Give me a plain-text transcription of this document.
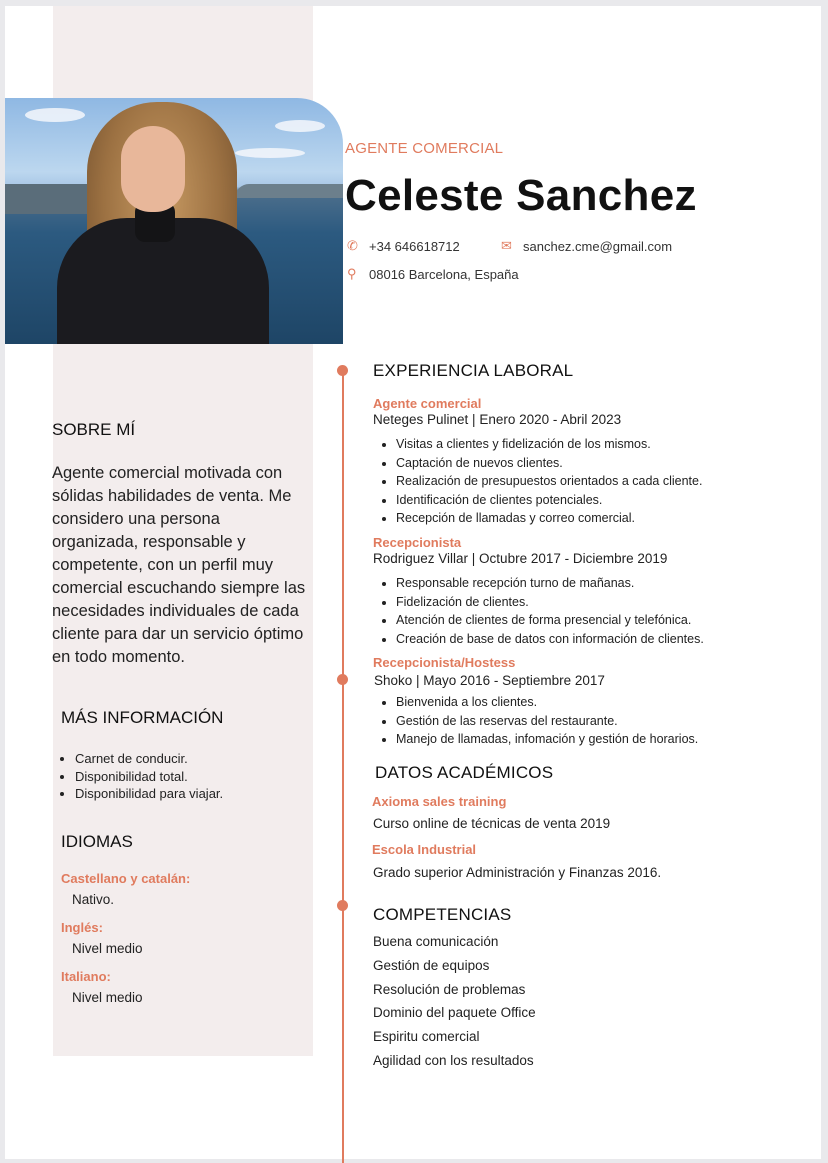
AGENTE COMERCIAL
Celeste Sanchez
✆ +34 646618712	✉ sanchez.cme@gmail.com
⚲ 08016 Barcelona, España
EXPERIENCIA LABORAL
Agente comercial
Neteges Pulinet | Enero 2020 - Abril 2023
• Visitas a clientes y fidelización de los mismos.
• Captación de nuevos clientes.
• Realización de presupuestos orientados a cada cliente.
• Identificación de clientes potenciales.
• Recepción de llamadas y correo comercial.
Recepcionista
Rodriguez Villar | Octubre 2017 - Diciembre 2019
• Responsable recepción turno de mañanas.
• Fidelización de clientes.
• Atención de clientes de forma presencial y telefónica.
• Creación de base de datos con información de clientes.
Recepcionista/Hostess
Shoko | Mayo 2016 - Septiembre 2017
• Bienvenida a los clientes.
• Gestión de las reservas del restaurante.
• Manejo de llamadas, infomación y gestión de horarios.
DATOS ACADÉMICOS
Axioma sales training
Curso online de técnicas de venta 2019
Escola Industrial
Grado superior Administración y Finanzas 2016.
COMPETENCIAS
Buena comunicación
Gestión de equipos
Resolución de problemas
Dominio del paquete Office
Espiritu comercial
Agilidad con los resultados
SOBRE MÍ
Agente comercial motivada con sólidas habilidades de venta. Me considero una persona organizada, responsable y competente, con un perfil muy comercial escuchando siempre las necesidades individuales de cada cliente para dar un servicio óptimo en todo momento.
MÁS INFORMACIÓN
• Carnet de conducir.
• Disponibilidad total.
• Disponibilidad para viajar.
IDIOMAS
Castellano y catalán:
Nativo.
Inglés:
Nivel medio
Italiano:
Nivel medio
